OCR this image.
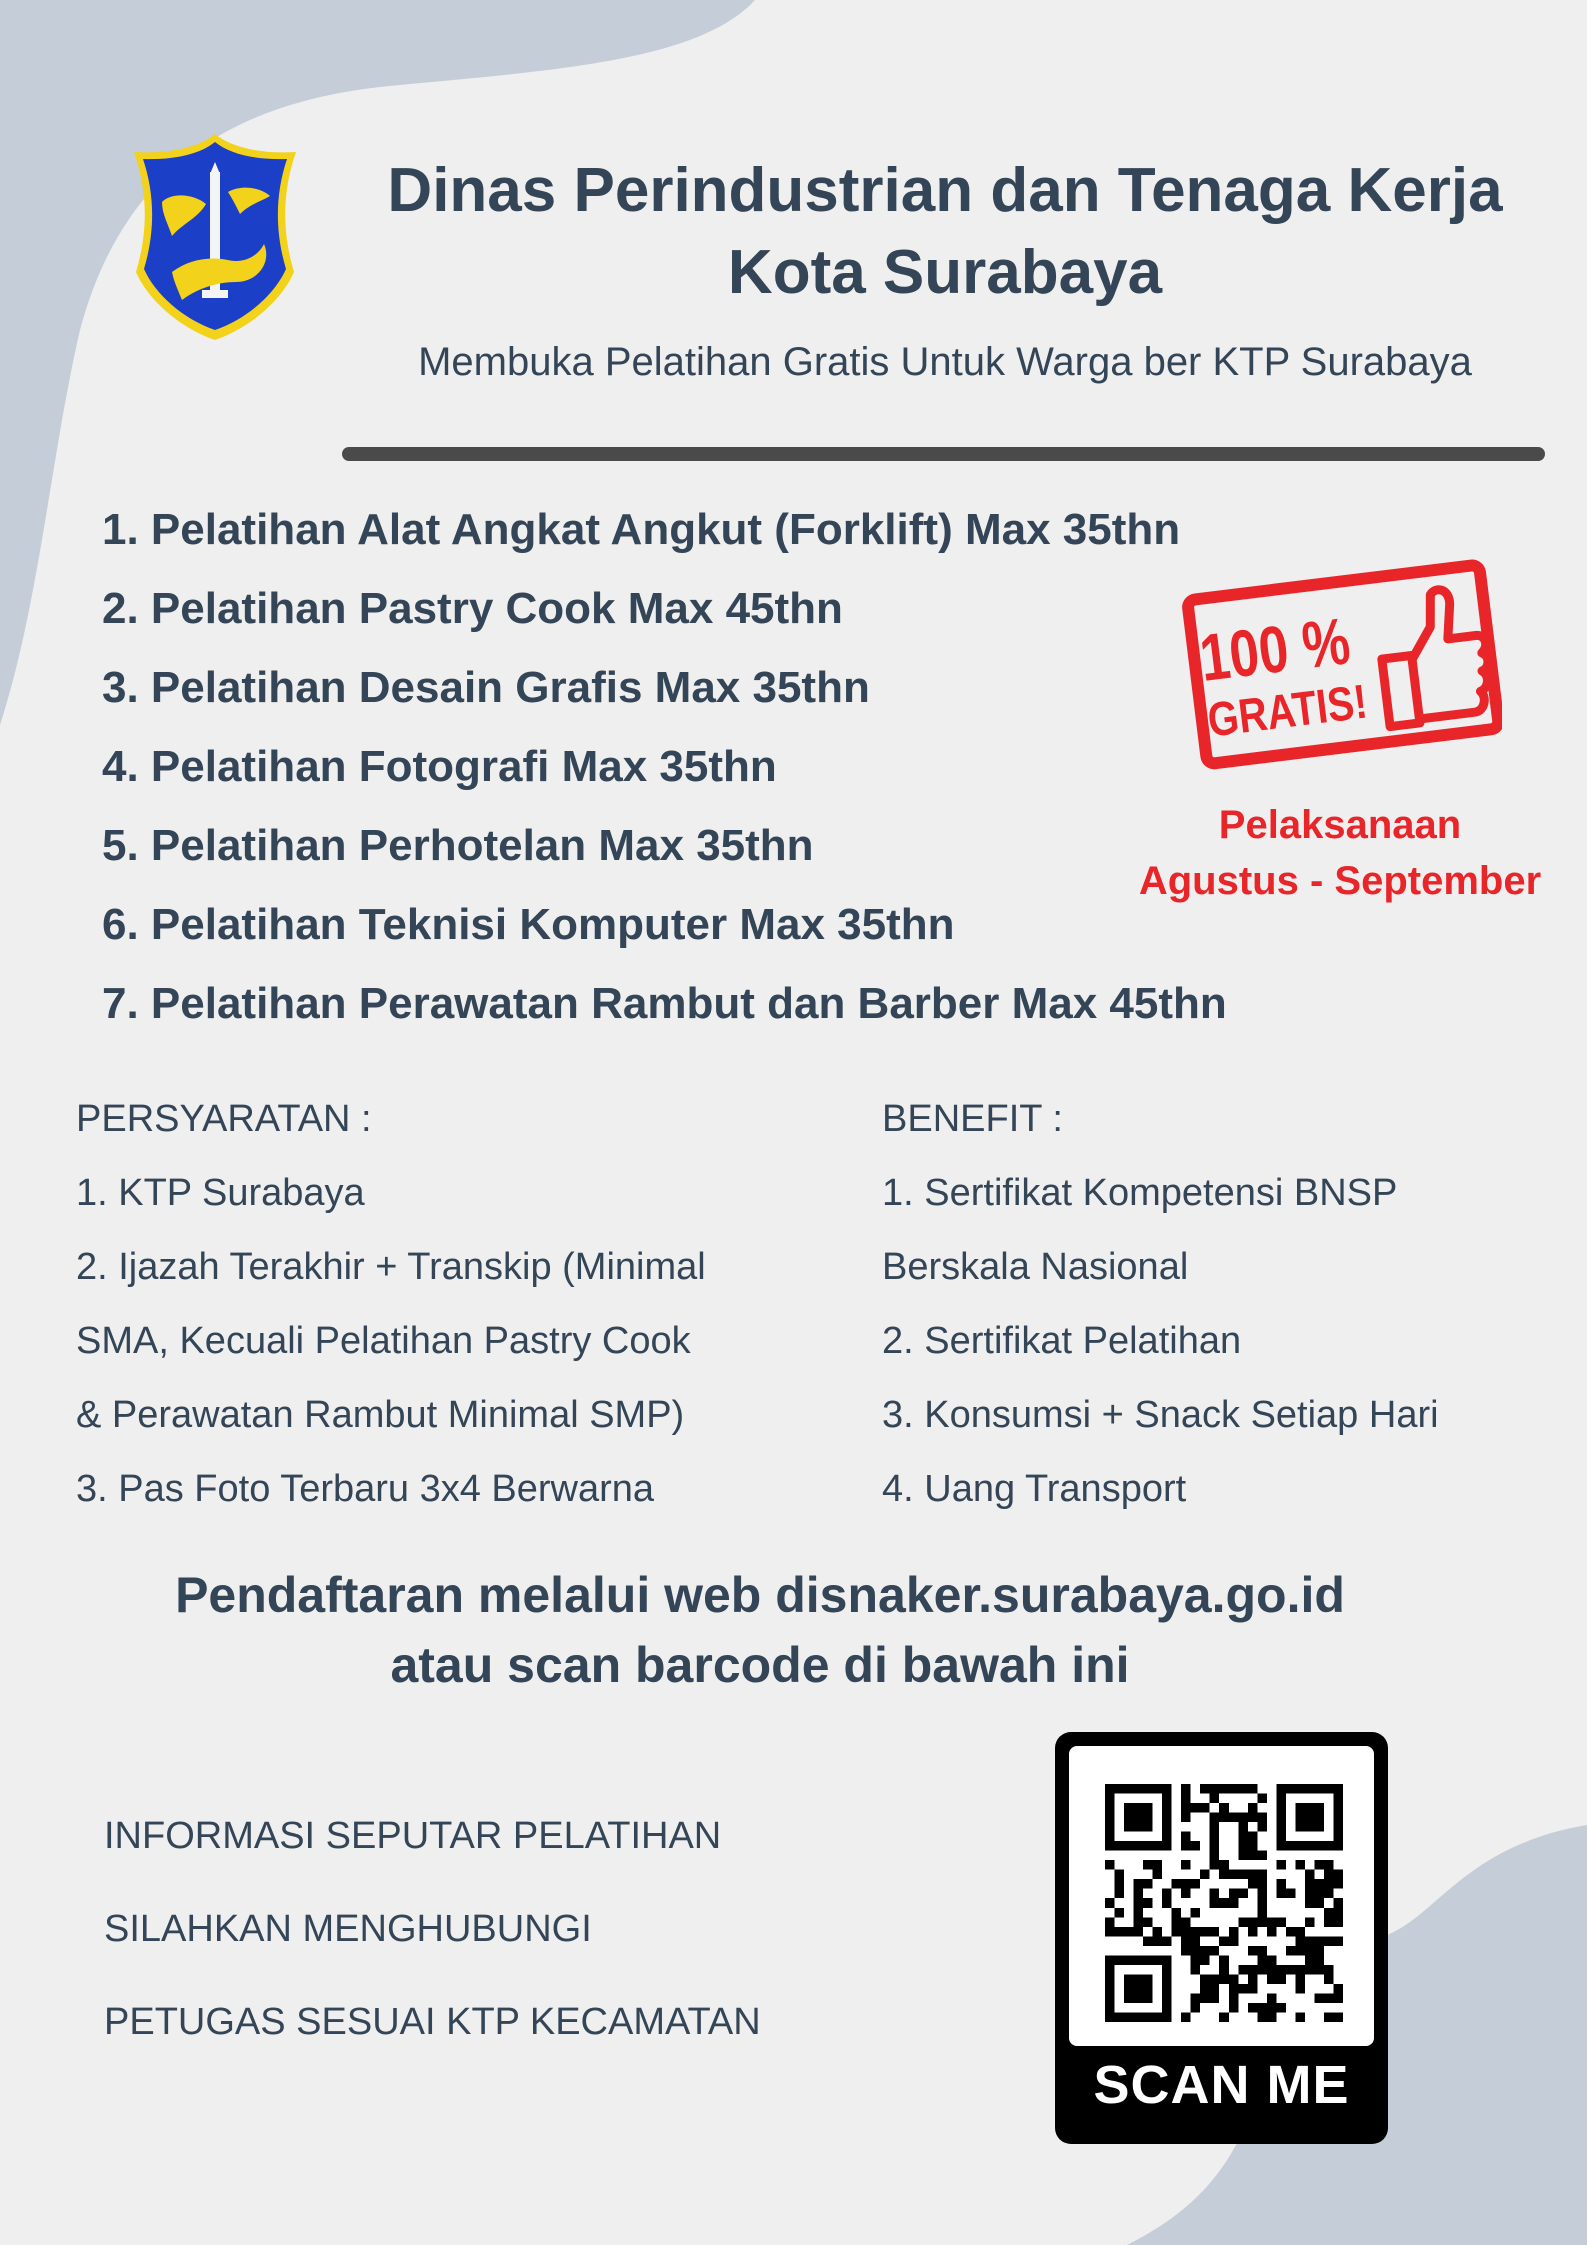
Dinas Perindustrian dan Tenaga Kerja
Kota Surabaya
Membuka Pelatihan Gratis Untuk Warga ber KTP Surabaya
1. Pelatihan Alat Angkat Angkut (Forklift) Max 35thn
2. Pelatihan Pastry Cook Max 45thn
3. Pelatihan Desain Grafis Max 35thn
4. Pelatihan Fotografi Max 35thn
5. Pelatihan Perhotelan Max 35thn
6. Pelatihan Teknisi Komputer Max 35thn
7. Pelatihan Perawatan Rambut dan Barber Max 45thn
100 %
GRATIS!
Pelaksanaan
Agustus - September

PERSYARATAN :

1. KTP Surabaya

2. Ijazah Terakhir + Transkip (Minimal

SMA, Kecuali Pelatihan Pastry Cook

& Perawatan Rambut Minimal SMP)

3. Pas Foto Terbaru 3x4 Berwarna

BENEFIT :

1. Sertifikat Kompetensi BNSP

Berskala Nasional

2. Sertifikat Pelatihan

3. Konsumsi + Snack Setiap Hari

4. Uang Transport

Pendaftaran melalui web disnaker.surabaya.go.id
atau scan barcode di bawah ini

INFORMASI SEPUTAR PELATIHAN

SILAHKAN MENGHUBUNGI

PETUGAS SESUAI KTP KECAMATAN

SCAN ME
